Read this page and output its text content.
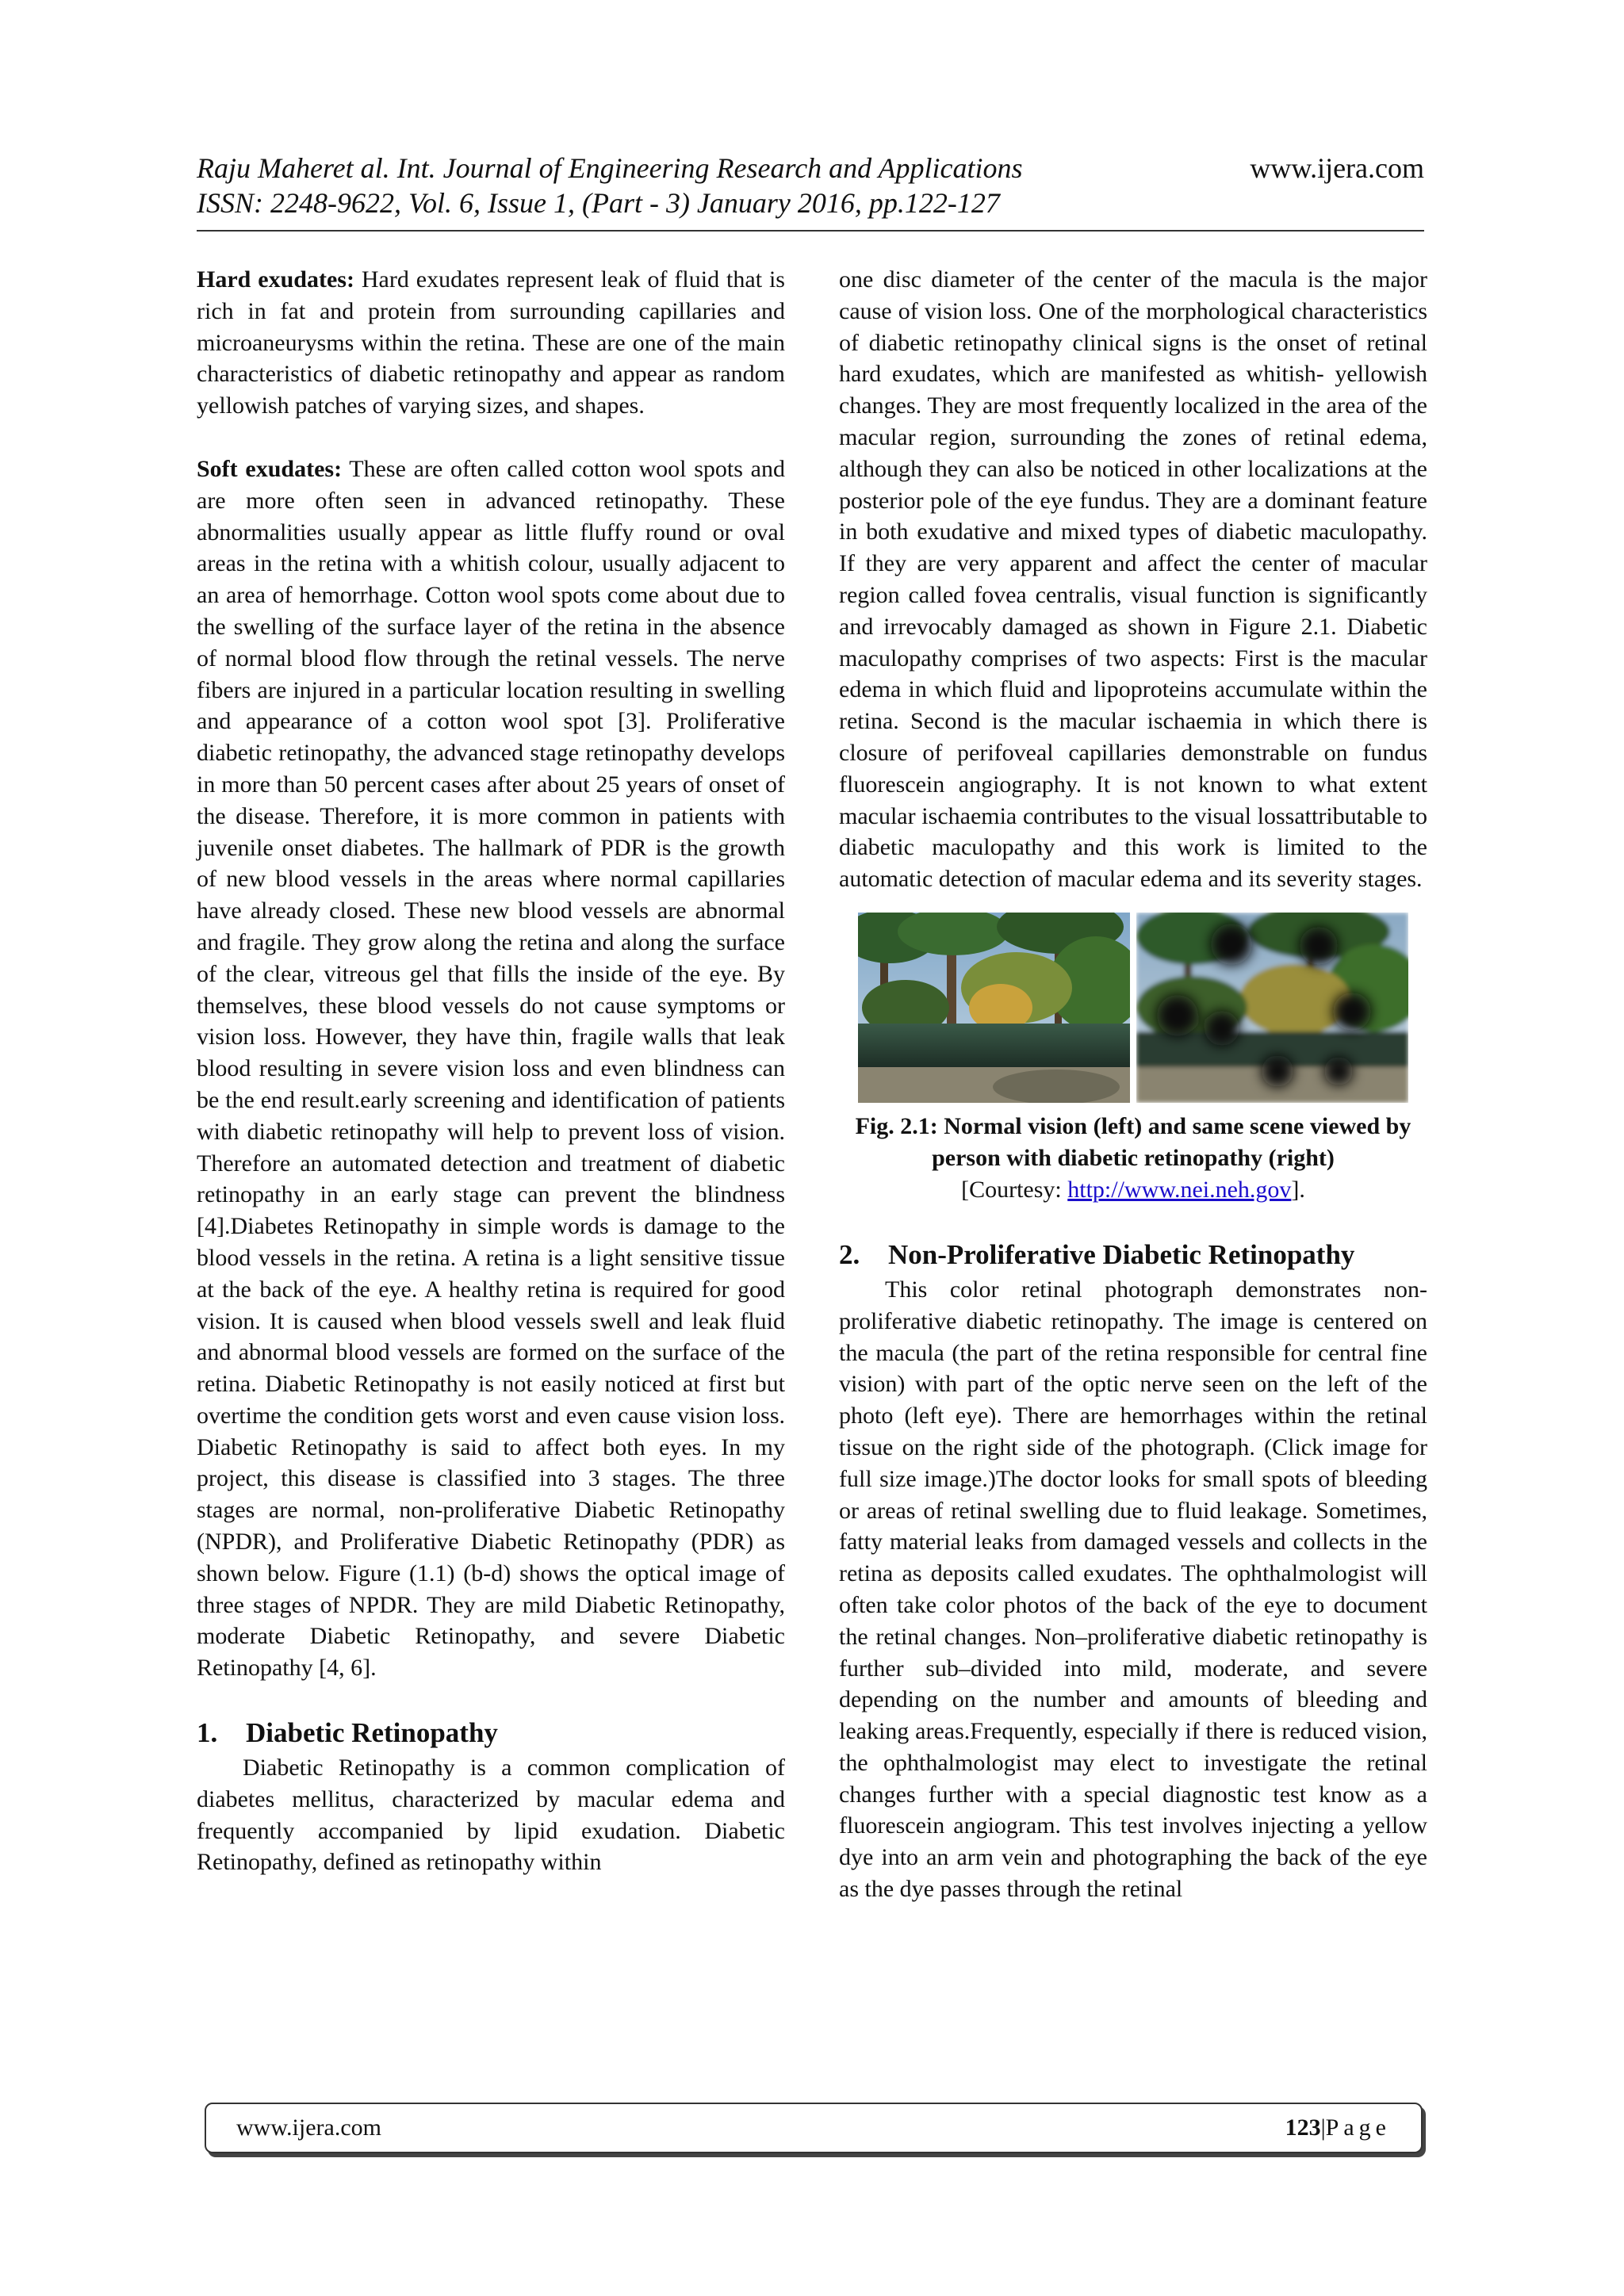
Raju Maheret al. Int. Journal of Engineering Research and Applications	www.ijera.com
ISSN: 2248-9622, Vol. 6, Issue 1, (Part - 3) January 2016, pp.122-127

Hard exudates: Hard exudates represent leak of fluid that is rich in fat and protein from surrounding capillaries and microaneurysms within the retina. These are one of the main characteristics of diabetic retinopathy and appear as random yellowish patches of varying sizes, and shapes.

Soft exudates: These are often called cotton wool spots and are more often seen in advanced retinopathy. These abnormalities usually appear as little fluffy round or oval areas in the retina with a whitish colour, usually adjacent to an area of hemorrhage. Cotton wool spots come about due to the swelling of the surface layer of the retina in the absence of normal blood flow through the retinal vessels. The nerve fibers are injured in a particular location resulting in swelling and appearance of a cotton wool spot [3]. Proliferative diabetic retinopathy, the advanced stage retinopathy develops in more than 50 percent cases after about 25 years of onset of the disease. Therefore, it is more common in patients with juvenile onset diabetes. The hallmark of PDR is the growth of new blood vessels in the areas where normal capillaries have already closed. These new blood vessels are abnormal and fragile. They grow along the retina and along the surface of the clear, vitreous gel that fills the inside of the eye. By themselves, these blood vessels do not cause symptoms or vision loss. However, they have thin, fragile walls that leak blood resulting in severe vision loss and even blindness can be the end result.early screening and identification of patients with diabetic retinopathy will help to prevent loss of vision. Therefore an automated detection and treatment of diabetic retinopathy in an early stage can prevent the blindness [4].Diabetes Retinopathy in simple words is damage to the blood vessels in the retina. A retina is a light sensitive tissue at the back of the eye. A healthy retina is required for good vision. It is caused when blood vessels swell and leak fluid and abnormal blood vessels are formed on the surface of the retina. Diabetic Retinopathy is not easily noticed at first but overtime the condition gets worst and even cause vision loss. Diabetic Retinopathy is said to affect both eyes. In my project, this disease is classified into 3 stages. The three stages are normal, non-proliferative Diabetic Retinopathy (NPDR), and Proliferative Diabetic Retinopathy (PDR) as shown below. Figure (1.1) (b-d) shows the optical image of three stages of NPDR. They are mild Diabetic Retinopathy, moderate Diabetic Retinopathy, and severe Diabetic Retinopathy [4, 6].

1. Diabetic Retinopathy

Diabetic Retinopathy is a common complication of diabetes mellitus, characterized by macular edema and frequently accompanied by lipid exudation. Diabetic Retinopathy, defined as retinopathy within

one disc diameter of the center of the macula is the major cause of vision loss. One of the morphological characteristics of diabetic retinopathy clinical signs is the onset of retinal hard exudates, which are manifested as whitish- yellowish changes. They are most frequently localized in the area of the macular region, surrounding the zones of retinal edema, although they can also be noticed in other localizations at the posterior pole of the eye fundus. They are a dominant feature in both exudative and mixed types of diabetic maculopathy. If they are very apparent and affect the center of macular region called fovea centralis, visual function is significantly and irrevocably damaged as shown in Figure 2.1. Diabetic maculopathy comprises of two aspects: First is the macular edema in which fluid and lipoproteins accumulate within the retina. Second is the macular ischaemia in which there is closure of perifoveal capillaries demonstrable on fundus fluorescein angiography. It is not known to what extent macular ischaemia contributes to the visual lossattributable to diabetic maculopathy and this work is limited to the automatic detection of macular edema and its severity stages.

Fig. 2.1: Normal vision (left) and same scene viewed by person with diabetic retinopathy (right)
[Courtesy: http://www.nei.neh.gov].
2. Non-Proliferative Diabetic Retinopathy

This color retinal photograph demonstrates non-proliferative diabetic retinopathy. The image is centered on the macula (the part of the retina responsible for central fine vision) with part of the optic nerve seen on the left of the photo (left eye). There are hemorrhages within the retinal tissue on the right side of the photograph. (Click image for full size image.)The doctor looks for small spots of bleeding or areas of retinal swelling due to fluid leakage. Sometimes, fatty material leaks from damaged vessels and collects in the retina as deposits called exudates. The ophthalmologist will often take color photos of the back of the eye to document the retinal changes. Non–proliferative diabetic retinopathy is further sub–divided into mild, moderate, and severe depending on the number and amounts of bleeding and leaking areas.Frequently, especially if there is reduced vision, the ophthalmologist may elect to investigate the retinal changes further with a special diagnostic test know as a fluorescein angiogram. This test involves injecting a yellow dye into an arm vein and photographing the back of the eye as the dye passes through the retinal

www.ijera.com	123|Page
